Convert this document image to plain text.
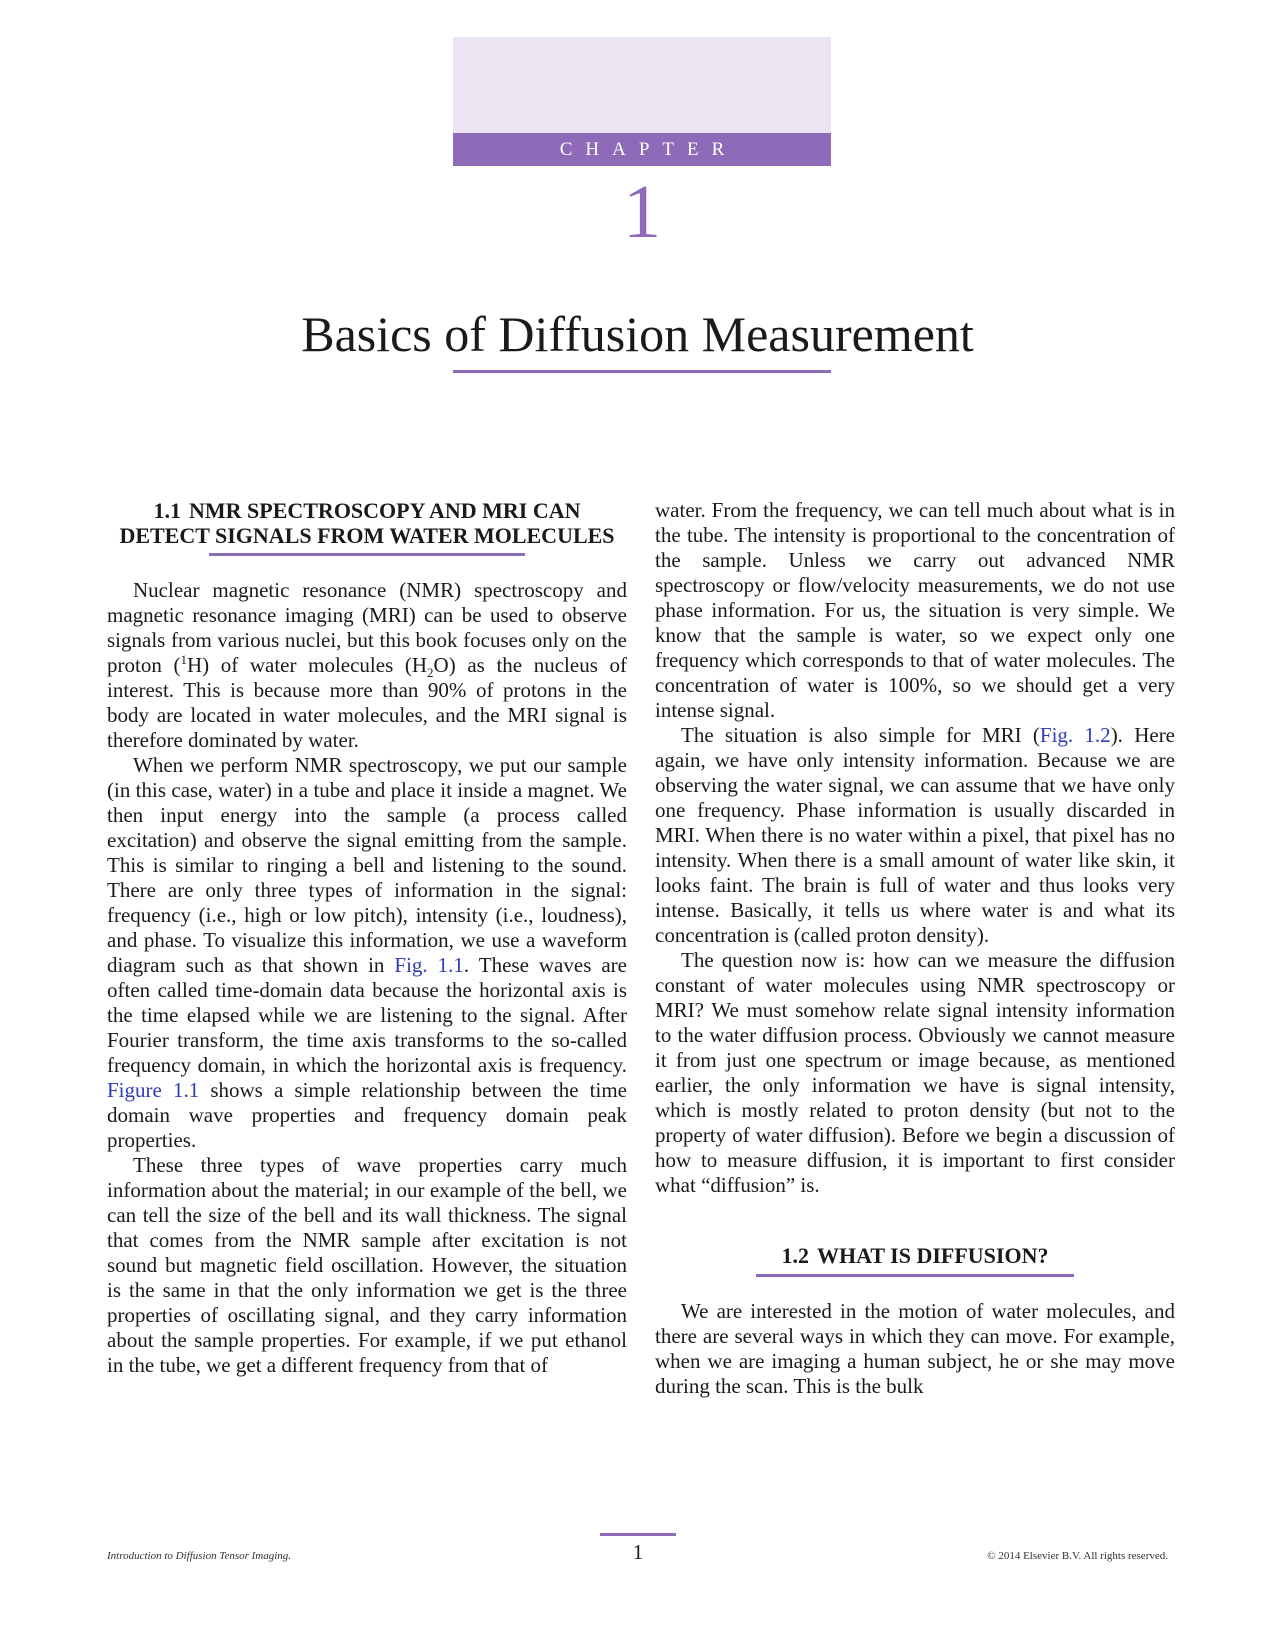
CHAPTER
1
Basics of Diffusion Measurement
1.1 NMR SPECTROSCOPY AND MRI CAN DETECT SIGNALS FROM WATER MOLECULES

Nuclear magnetic resonance (NMR) spectroscopy and magnetic resonance imaging (MRI) can be used to observe signals from various nuclei, but this book focuses only on the proton ($^1$H) of water molecules $(H_2O)$ as the nucleus of interest. This is because more than 90% of protons in the body are located in water molecules, and the MRI signal is therefore dominated by water.

When we perform NMR spectroscopy, we put our sample (in this case, water) in a tube and place it inside a magnet. We then input energy into the sample (a process called excitation) and observe the signal emitting from the sample. This is similar to ringing a bell and listening to the sound. There are only three types of information in the signal: frequency (i.e., high or low pitch), intensity (i.e., loudness), and phase. To visualize this information, we use a waveform diagram such as that shown in Fig. 1.1. These waves are often called time-domain data because the horizontal axis is the time elapsed while we are listening to the signal. After Fourier transform, the time axis transforms to the so-called frequency domain, in which the horizontal axis is frequency. Figure 1.1 shows a simple relationship between the time domain wave properties and frequency domain peak properties.

These three types of wave properties carry much information about the material; in our example of the bell, we can tell the size of the bell and its wall thickness. The signal that comes from the NMR sample after excitation is not sound but magnetic field oscillation. However, the situation is the same in that the only information we get is the three properties of oscillating signal, and they carry information about the sample properties. For example, if we put ethanol in the tube, we get a different frequency from that of

water. From the frequency, we can tell much about what is in the tube. The intensity is proportional to the concentration of the sample. Unless we carry out advanced NMR spectroscopy or flow/velocity measurements, we do not use phase information. For us, the situation is very simple. We know that the sample is water, so we expect only one frequency which corresponds to that of water molecules. The concentration of water is 100%, so we should get a very intense signal.

The situation is also simple for MRI (Fig. 1.2). Here again, we have only intensity information. Because we are observing the water signal, we can assume that we have only one frequency. Phase information is usually discarded in MRI. When there is no water within a pixel, that pixel has no intensity. When there is a small amount of water like skin, it looks faint. The brain is full of water and thus looks very intense. Basically, it tells us where water is and what its concentration is (called proton density).

The question now is: how can we measure the diffusion constant of water molecules using NMR spectroscopy or MRI? We must somehow relate signal intensity information to the water diffusion process. Obviously we cannot measure it from just one spectrum or image because, as mentioned earlier, the only information we have is signal intensity, which is mostly related to proton density (but not to the property of water diffusion). Before we begin a discussion of how to measure diffusion, it is important to first consider what “diffusion” is.

1.2 WHAT IS DIFFUSION?

We are interested in the motion of water molecules, and there are several ways in which they can move. For example, when we are imaging a human subject, he or she may move during the scan. This is the bulk

Introduction to Diffusion Tensor Imaging.	1	© 2014 Elsevier B.V. All rights reserved.
